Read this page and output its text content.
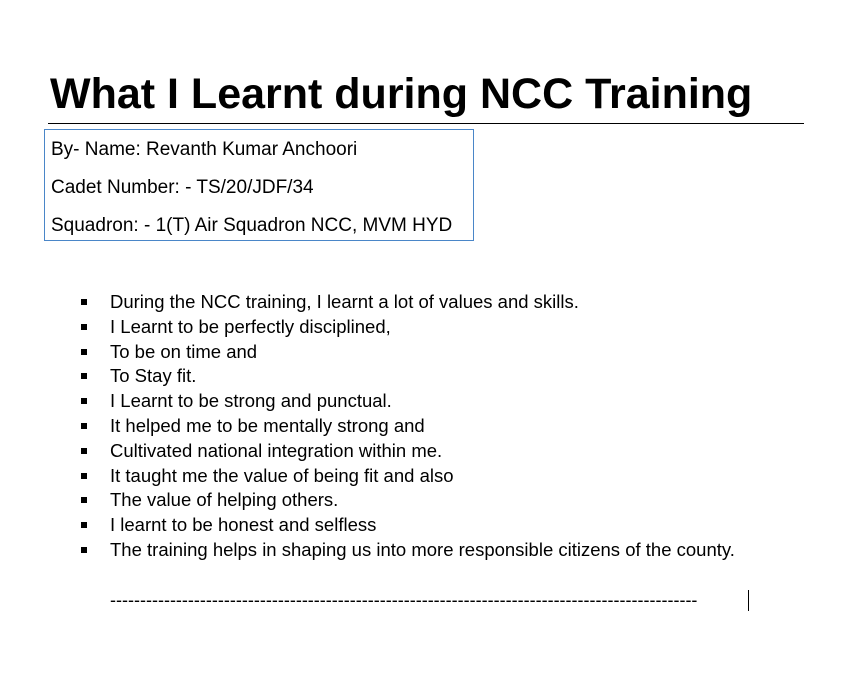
What I Learnt during NCC Training
By- Name: Revanth Kumar Anchoori
Cadet Number: - TS/20/JDF/34
Squadron: - 1(T) Air Squadron NCC, MVM HYD
During the NCC training, I learnt a lot of values and skills.
I Learnt to be perfectly disciplined,
To be on time and
To Stay fit.
I Learnt to be strong and punctual.
It helped me to be mentally strong and
Cultivated national integration within me.
It taught me the value of being fit and also
The value of helping others.
I learnt to be honest and selfless
The training helps in shaping us into more responsible citizens of the county.
--------------------------------------------------------------------------------------------------
